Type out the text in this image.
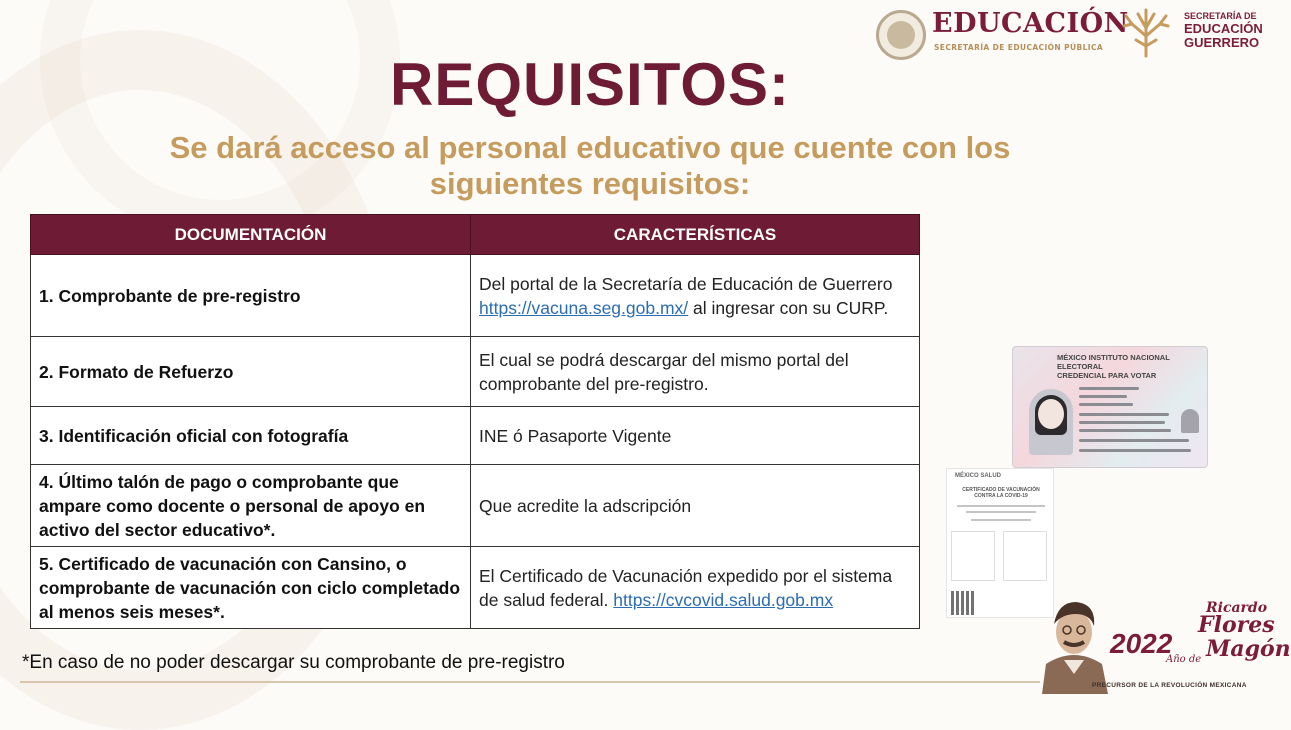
EDUCACIÓN
SECRETARÍA DE EDUCACIÓN PÚBLICA
SECRETARÍA DE
EDUCACIÓN
GUERRERO
REQUISITOS:
Se dará acceso al personal educativo que cuente con los siguientes requisitos:
DOCUMENTACIÓN	CARACTERÍSTICAS
1. Comprobante de pre-registro	Del portal de la Secretaría de Educación de Guerrero https://vacuna.seg.gob.mx/ al ingresar con su CURP.
2. Formato de Refuerzo	El cual se podrá descargar del mismo portal del comprobante del pre-registro.
3. Identificación oficial con fotografía	INE ó Pasaporte Vigente
4. Último talón de pago o comprobante que ampare como docente o personal de apoyo en activo del sector educativo*.	Que acredite la adscripción
5. Certificado de vacunación con Cansino, o comprobante de vacunación con ciclo completado al menos seis meses*.	El Certificado de Vacunación expedido por el sistema de salud federal. https://cvcovid.salud.gob.mx
*En caso de no poder descargar su comprobante de pre-registro
MÉXICO INSTITUTO NACIONAL ELECTORAL
CREDENCIAL PARA VOTAR
MÉXICO SALUD
CERTIFICADO DE VACUNACIÓN CONTRA LA COVID-19
2022
Ricardo
Flores
Año de Magón
PRECURSOR DE LA REVOLUCIÓN MEXICANA
